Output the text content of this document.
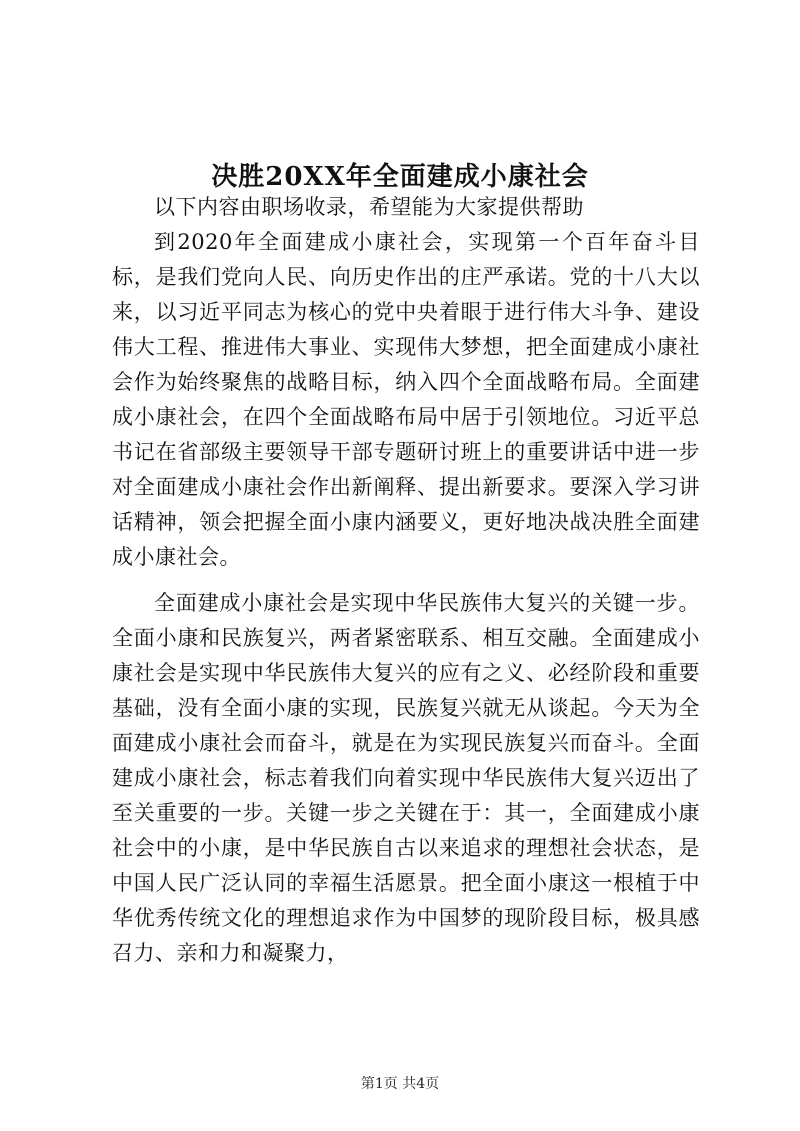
决胜20XX年全面建成小康社会

以下内容由职场收录，希望能为大家提供帮助

到2020年全面建成小康社会，实现第一个百年奋斗目标，是我们党向人民、向历史作出的庄严承诺。党的十八大以来，以习近平同志为核心的党中央着眼于进行伟大斗争、建设伟大工程、推进伟大事业、实现伟大梦想，把全面建成小康社会作为始终聚焦的战略目标，纳入四个全面战略布局。全面建成小康社会，在四个全面战略布局中居于引领地位。习近平总书记在省部级主要领导干部专题研讨班上的重要讲话中进一步对全面建成小康社会作出新阐释、提出新要求。要深入学习讲话精神，领会把握全面小康内涵要义，更好地决战决胜全面建成小康社会。

全面建成小康社会是实现中华民族伟大复兴的关键一步。全面小康和民族复兴，两者紧密联系、相互交融。全面建成小康社会是实现中华民族伟大复兴的应有之义、必经阶段和重要基础，没有全面小康的实现，民族复兴就无从谈起。今天为全面建成小康社会而奋斗，就是在为实现民族复兴而奋斗。全面建成小康社会，标志着我们向着实现中华民族伟大复兴迈出了至关重要的一步。关键一步之关键在于：其一，全面建成小康社会中的小康，是中华民族自古以来追求的理想社会状态，是中国人民广泛认同的幸福生活愿景。把全面小康这一根植于中华优秀传统文化的理想追求作为中国梦的现阶段目标，极具感召力、亲和力和凝聚力，

第1页 共4页
